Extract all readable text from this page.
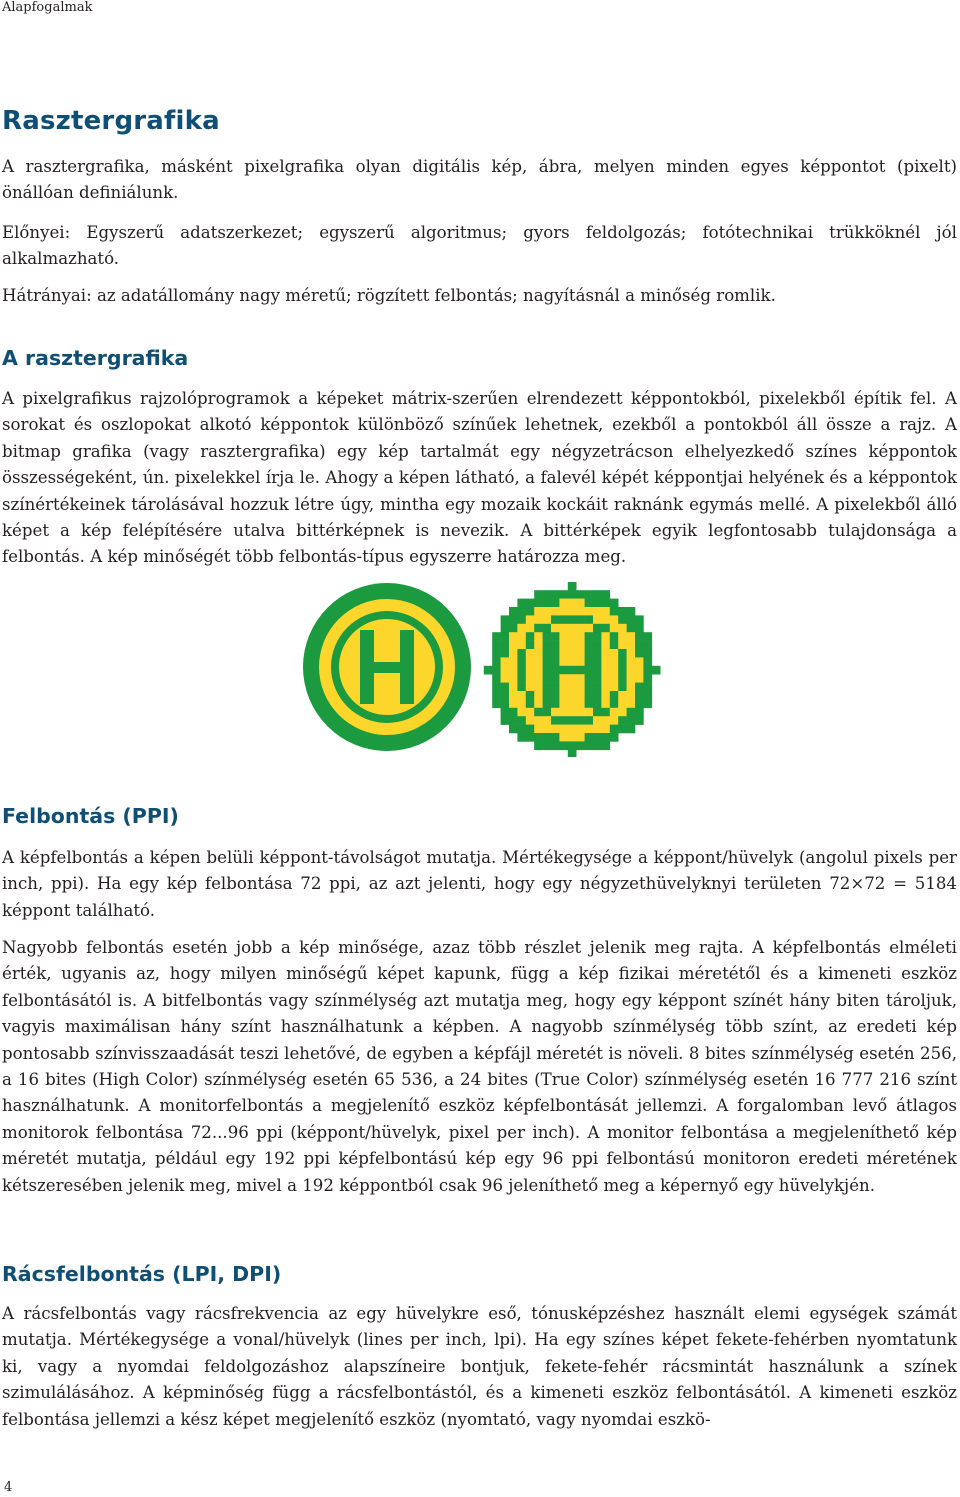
Alapfogalmak
Rasztergrafika

A rasztergrafika, másként pixelgrafika olyan digitális kép, ábra, melyen minden egyes képpontot (pixelt) önállóan definiálunk.

Előnyei: Egyszerű adatszerkezet; egyszerű algoritmus; gyors feldolgozás; fotótechnikai trükköknél jól alkalmazható.

Hátrányai: az adatállomány nagy méretű; rögzített felbontás; nagyításnál a minőség romlik.

A rasztergrafika

A pixelgrafikus rajzolóprogramok a képeket mátrix-szerűen elrendezett képpontokból, pixelekből építik fel. A sorokat és oszlopokat alkotó képpontok különböző színűek lehetnek, ezekből a pontokból áll össze a rajz. A bitmap grafika (vagy rasztergrafika) egy kép tartalmát egy négyzetrácson elhelyezkedő színes képpontok összességeként, ún. pixelekkel írja le. Ahogy a képen látható, a falevél képét képpontjai helyének és a képpontok színértékeinek tárolásával hozzuk létre úgy, mintha egy mozaik kockáit raknánk egymás mellé. A pixelekből álló képet a kép felépítésére utalva bittérképnek is nevezik. A bittérképek egyik legfontosabb tulajdonsága a felbontás. A kép minőségét több felbontás-típus egyszerre határozza meg.

Felbontás (PPI)

A képfelbontás a képen belüli képpont-távolságot mutatja. Mértékegysége a képpont/hüvelyk (angolul pixels per inch, ppi). Ha egy kép felbontása 72 ppi, az azt jelenti, hogy egy négyzethüvelyknyi területen 72×72 = 5184 képpont található.

Nagyobb felbontás esetén jobb a kép minősége, azaz több részlet jelenik meg rajta. A képfelbontás elméleti érték, ugyanis az, hogy milyen minőségű képet kapunk, függ a kép fizikai méretétől és a kimeneti eszköz felbontásától is. A bitfelbontás vagy színmélység azt mutatja meg, hogy egy képpont színét hány biten tároljuk, vagyis maximálisan hány színt használhatunk a képben. A nagyobb színmélység több színt, az eredeti kép pontosabb színvisszaadását teszi lehetővé, de egyben a képfájl méretét is növeli. 8 bites színmélység esetén 256, a 16 bites (High Color) színmélység esetén 65 536, a 24 bites (True Color) színmélység esetén 16 777 216 színt használhatunk. A monitorfelbontás a megjelenítő eszköz képfelbontását jellemzi. A forgalomban levő átlagos monitorok felbontása 72...96 ppi (képpont/hüvelyk, pixel per inch). A monitor felbontása a megjeleníthető kép méretét mutatja, például egy 192 ppi képfelbontású kép egy 96 ppi felbontású monitoron eredeti méretének kétszeresében jelenik meg, mivel a 192 képpontból csak 96 jeleníthető meg a képernyő egy hüvelykjén.

Rácsfelbontás (LPI, DPI)

A rácsfelbontás vagy rácsfrekvencia az egy hüvelykre eső, tónusképzéshez használt elemi egységek számát mutatja. Mértékegysége a vonal/hüvelyk (lines per inch, lpi). Ha egy színes képet fekete-fehérben nyomtatunk ki, vagy a nyomdai feldolgozáshoz alapszíneire bontjuk, fekete-fehér rácsmintát használunk a színek szimulálásához. A képminőség függ a rácsfelbontástól, és a kimeneti eszköz felbontásától. A kimeneti eszköz felbontása jellemzi a kész képet megjelenítő eszköz (nyomtató, vagy nyomdai eszkö-

4
